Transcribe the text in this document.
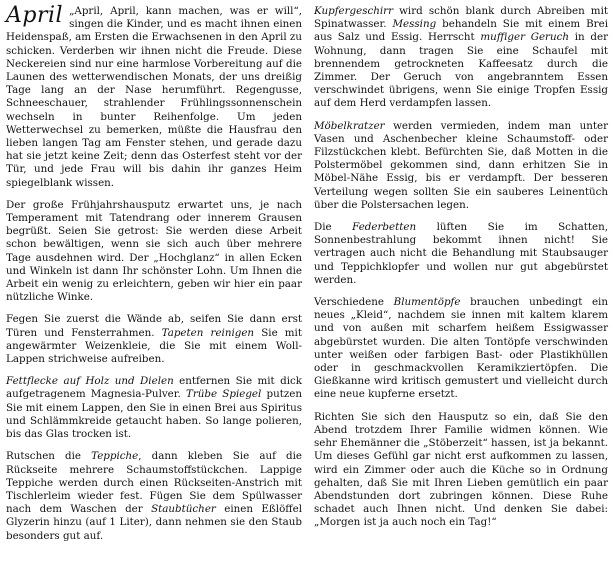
April „April, April, kann machen, was er will“, singen die Kinder, und es macht ihnen einen Heidenspaß, am Ersten die Erwachsenen in den April zu schicken. Verderben wir ihnen nicht die Freude. Diese Neckereien sind nur eine harmlose Vorbereitung auf die Launen des wetterwendischen Monats, der uns dreißig Tage lang an der Nase herumführt. Regengusse, Schneeschauer, strahlender Frühlingssonnenschein wechseln in bunter Reihenfolge. Um jeden Wetterwechsel zu bemerken, müßte die Hausfrau den lieben langen Tag am Fenster stehen, und gerade dazu hat sie jetzt keine Zeit; denn das Osterfest steht vor der Tür, und jede Frau will bis dahin ihr ganzes Heim spiegelblank wissen.

Der große Frühjahrshausputz erwartet uns, je nach Temperament mit Tatendrang oder innerem Grausen begrüßt. Seien Sie getrost: Sie werden diese Arbeit schon bewältigen, wenn sie sich auch über mehrere Tage ausdehnen wird. Der „Hochglanz“ in allen Ecken und Winkeln ist dann Ihr schönster Lohn. Um Ihnen die Arbeit ein wenig zu erleichtern, geben wir hier ein paar nützliche Winke.

Fegen Sie zuerst die Wände ab, seifen Sie dann erst Türen und Fensterrahmen. Tapeten reinigen Sie mit angewärmter Weizenkleie, die Sie mit einem Woll-Lappen strichweise aufreiben.

Fettflecke auf Holz und Dielen entfernen Sie mit dick aufgetragenem Magnesia-Pulver. Trübe Spiegel putzen Sie mit einem Lappen, den Sie in einen Brei aus Spiritus und Schlämmkreide getaucht haben. So lange polieren, bis das Glas trocken ist.

Rutschen die Teppiche, dann kleben Sie auf die Rückseite mehrere Schaumstoffstückchen. Lappige Teppiche werden durch einen Rückseiten-Anstrich mit Tischlerleim wieder fest. Fügen Sie dem Spülwasser nach dem Waschen der Staubtücher einen Eßlöffel Glyzerin hinzu (auf 1 Liter), dann nehmen sie den Staub besonders gut auf.

Kupfergeschirr wird schön blank durch Abreiben mit Spinatwasser. Messing behandeln Sie mit einem Brei aus Salz und Essig. Herrscht muffiger Geruch in der Wohnung, dann tragen Sie eine Schaufel mit brennendem getrockneten Kaffeesatz durch die Zimmer. Der Geruch von angebranntem Essen verschwindet übrigens, wenn Sie einige Tropfen Essig auf dem Herd verdampfen lassen.

Möbelkratzer werden vermieden, indem man unter Vasen und Aschenbecher kleine Schaumstoff- oder Filzstückchen klebt. Befürchten Sie, daß Motten in die Polstermöbel gekommen sind, dann erhitzen Sie in Möbel-Nähe Essig, bis er verdampft. Der besseren Verteilung wegen sollten Sie ein sauberes Leinentüch über die Polstersachen legen.

Die Federbetten lüften Sie im Schatten, Sonnenbestrahlung bekommt ihnen nicht! Sie vertragen auch nicht die Behandlung mit Staubsauger und Teppichklopfer und wollen nur gut abgebürstet werden.

Verschiedene Blumentöpfe brauchen unbedingt ein neues „Kleid“, nachdem sie innen mit kaltem klarem und von außen mit scharfem heißem Essigwasser abgebürstet wurden. Die alten Tontöpfe verschwinden unter weißen oder farbigen Bast- oder Plastikhüllen oder in geschmackvollen Keramikziertöpfen. Die Gießkanne wird kritisch gemustert und vielleicht durch eine neue kupferne ersetzt.

Richten Sie sich den Hausputz so ein, daß Sie den Abend trotzdem Ihrer Familie widmen können. Wie sehr Ehemänner die „Stöberzeit“ hassen, ist ja bekannt. Um dieses Gefühl gar nicht erst aufkommen zu lassen, wird ein Zimmer oder auch die Küche so in Ordnung gehalten, daß Sie mit Ihren Lieben gemütlich ein paar Abendstunden dort zubringen können. Diese Ruhe schadet auch Ihnen nicht. Und denken Sie dabei: „Morgen ist ja auch noch ein Tag!“
